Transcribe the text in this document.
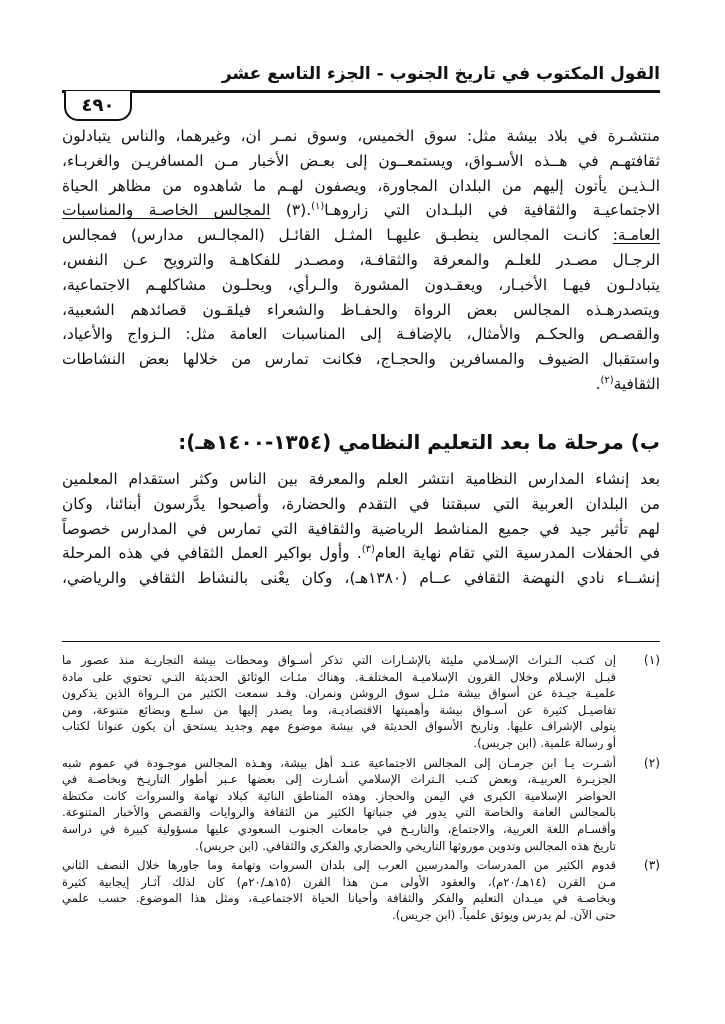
القول المكتوب في تاريخ الجنوب - الجزء التاسع عشر
٤٩٠
منتشـرة في بلاد بيشة مثل: سوق الخميس، وسوق نمـر ان، وغيرهما، والناس يتبادلون
ثقافتهـم في هــذه الأسـواق، ويستمعــون إلى بعـض الأخبار مـن المسافريـن والغربـاء،
الـذيـن يأتون إليهم من البلدان المجاورة، ويصفون لهـم ما شاهدوه من مظاهر الحياة
الاجتماعيـة والثقافية في البلـدان التي زاروهـا$^{(١)}$.(٣) المجالس الخاصـة والمناسبات
العامـة: كانـت المجالس ينطبـق عليهـا المثـل القائـل (المجالـس مدارس) فمجالس
الرجـال مصـدر للعلـم والمعرفة والثقافـة، ومصـدر للفكاهـة والترويح عـن النفس،
يتبادلـون فيهـا الأخبـار، ويعقـدون المشورة والـرأي، ويحلـون مشاكلهـم الاجتماعية،
ويتصدرهـذه المجالس بعض الرواة والحفـاظ والشعراء فيلقـون قصائدهم الشعبية،
والقصـص والحكـم والأمثال، بالإضافـة إلى المناسبات العامة مثل: الـزواج والأعياد،
واستقبال الضيوف والمسافرين والحجـاج، فكانت تمارس من خلالها بعض النشاطات
الثقافية$^{(٢)}$.
ب) مرحلة ما بعد التعليم النظامي (١٣٥٤-١٤٠٠هـ):
بعد إنشاء المدارس النظامية انتشر العلم والمعرفة بين الناس وكثر استقدام المعلمين
من البلدان العربية التي سبقتنا في التقدم والحضارة، وأصبحوا يدَّرسون أبنائنا، وكان
لهم تأثير جيد في جميع المناشط الرياضية والثقافية التي تمارس في المدارس خصوصاً
في الحفلات المدرسية التي تقام نهاية العام$^{(٣)}$. وأول بواكير العمل الثقافي في هذه المرحلة
إنشــاء نادي النهضة الثقافي عــام (١٣٨٠هـ)، وكان يعْنى بالنشاط الثقافي والرياضي،
(١)
إن كتـب الـتراث الإسـلامي مليئة بالإشـارات التي تذكر أسـواق ومحطات بيشة التجاريـة منذ عصور ما
قبـل الإسـلام وخلال القرون الإسلاميـة المختلفـة. وهناك مئـات الوثائق الحديثة التـي تحتوي على مادة
علميـة جيـدة عن أسواق بيشة مثـل سوق الروشن ونمران. وقـد سمعت الكثير من الـرواة الذين يذكرون
تفاصيـل كثيرة عن أسـواق بيشة وأهميتها الاقتصاديـة، وما يصدر إليها من سلـع وبضائع متنوعة، ومن
يتولى الإشراف عليها. وتاريخ الأسواق الحديثة في بيشة موضوع مهم وجديد يستحق أن يكون عنوانا لكتاب
أو رسالة علمية. (ابن جريس).
(٢)
أشـرت يـا ابن جرمـان إلى المجالس الاجتماعية عنـد أهل بيشة، وهـذه المجالس موجـودة في عموم شبه
الجزيـرة العربيـة، وبعض كتـب الـتراث الإسلامي أشـارت إلى بعضها عـبر أطوار التاريـخ وبخاصـة في
الحواضر الإسلامية الكبرى في اليمن والحجاز. وهذه المناطق النائية كبلاد تهامة والسروات كانت مكتظة
بالمجالس العامة والخاصة التي يدور في جنباتها الكثير من الثقافة والروايات والقصص والأخبار المتنوعة.
وأقسـام اللغة العربية، والاجتماع، والتاريـخ في جامعات الجنوب السعودي عليها مسؤولية كبيرة في دراسة
تاريخ هذه المجالس وتدوين موروثها التاريخي والحضاري والفكري والثقافي. (ابن جريس).
(٣)
قدوم الكثير من المدرسات والمدرسين العرب إلى بلدان السروات وتهامة وما جاورها خلال النصف الثاني
مـن القرن (١٤هـ/٢٠م)، والعقود الأولى مـن هذا القرن (١٥هـ/٢٠م) كان لذلك آثـار إيجابية كثيرة
وبخاصـة في ميـدان التعليم والفكر والثقافة وأحيانا الحياة الاجتماعيـة، ومثل هذا الموضوع. حسب علمي
حتى الآن. لم يدرس ويوثق علمياً. (ابن جريس).
